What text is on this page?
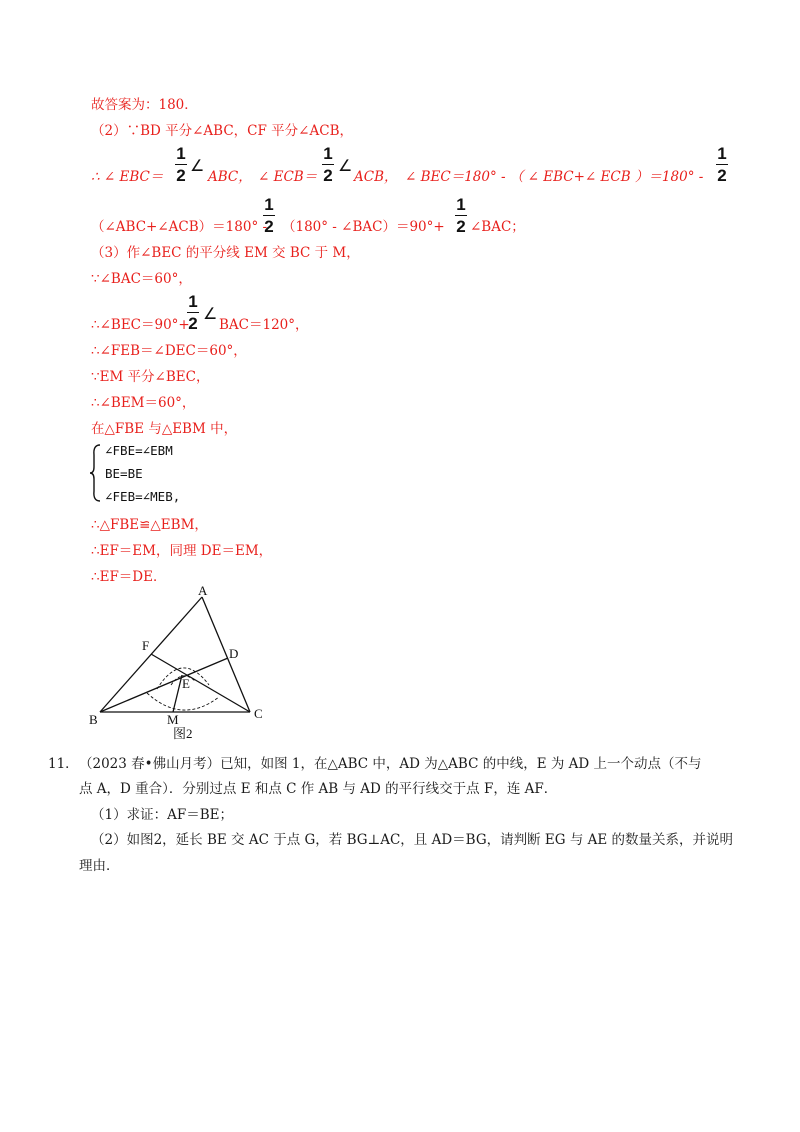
故答案为：180．
（2）∵BD 平分∠ABC，CF 平分∠ACB，
∴ ∠ EBC＝
1
2
∠
ABC， ∠ ECB＝
1
2
∠
ACB， ∠ BEC＝180° - （ ∠ EBC+∠ ECB ）＝180° -
1
2
（∠ABC+∠ACB）＝180° -
1
2 （180° - ∠BAC）＝90°+
1
2 ∠BAC；
（3）作∠BEC 的平分线 EM 交 BC 于 M，
∵∠BAC＝60°，
∴∠BEC＝90°+
1
2
∠
BAC＝120°，
∴∠FEB＝∠DEC＝60°，
∵EM 平分∠BEC，
∴∠BEM＝60°，
在△FBE 与△EBM 中，
∠FBE=∠EBM
BE=BE
∠FEB=∠MEB,
∴△FBE≌△EBM，
∴EF＝EM，同理 DE＝EM，
∴EF＝DE．
A
B	C
D
E
F
M
图2
11． （2023 春•佛山月考）已知，如图 1，在△ABC 中，AD 为△ABC 的中线，E 为 AD 上一个动点（不与
点 A，D 重合）．分别过点 E 和点 C 作 AB 与 AD 的平行线交于点 F，连 AF．
（1）求证：AF＝BE；
（2）如图2，延长 BE 交 AC 于点 G，若 BG⊥AC，且 AD＝BG，请判断 EG 与 AE 的数量关系，并说明
理由．
